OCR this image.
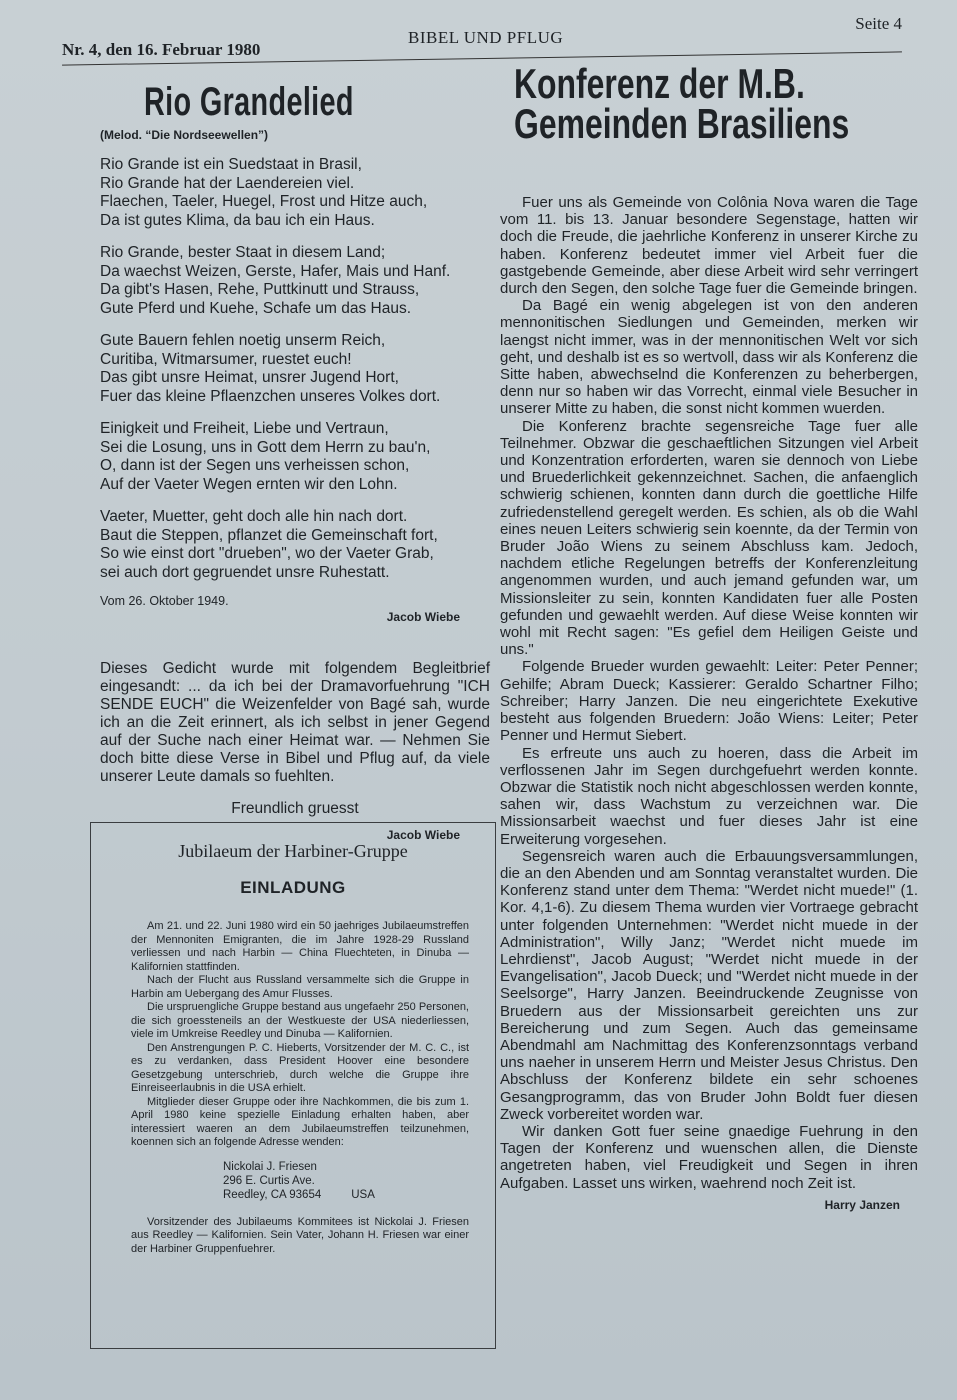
Nr. 4, den 16. Februar 1980
BIBEL UND PFLUG
Seite 4
Rio Grandelied
(Melod. “Die Nordseewellen”)
Rio Grande ist ein Suedstaat in Brasil,
Rio Grande hat der Laendereien viel.
Flaechen, Taeler, Huegel, Frost und Hitze auch,
Da ist gutes Klima, da bau ich ein Haus.
Rio Grande, bester Staat in diesem Land;
Da waechst Weizen, Gerste, Hafer, Mais und Hanf.
Da gibt's Hasen, Rehe, Puttkinutt und Strauss,
Gute Pferd und Kuehe, Schafe um das Haus.
Gute Bauern fehlen noetig unserm Reich,
Curitiba, Witmarsumer, ruestet euch!
Das gibt unsre Heimat, unsrer Jugend Hort,
Fuer das kleine Pflaenzchen unseres Volkes dort.
Einigkeit und Freiheit, Liebe und Vertraun,
Sei die Losung, uns in Gott dem Herrn zu bau'n,
O, dann ist der Segen uns verheissen schon,
Auf der Vaeter Wegen ernten wir den Lohn.
Vaeter, Muetter, geht doch alle hin nach dort.
Baut die Steppen, pflanzet die Gemeinschaft fort,
So wie einst dort "drueben", wo der Vaeter Grab,
sei auch dort gegruendet unsre Ruhestatt.
Vom 26. Oktober 1949.
Jacob Wiebe
Dieses Gedicht wurde mit folgendem Begleitbrief eingesandt: ... da ich bei der Dramavorfuehrung "ICH SENDE EUCH" die Weizenfelder von Bagé sah, wurde ich an die Zeit erinnert, als ich selbst in jener Gegend auf der Suche nach einer Heimat war. — Nehmen Sie doch bitte diese Verse in Bibel und Pflug auf, da viele unserer Leute damals so fuehlten.
Freundlich gruesst
Jacob Wiebe
Jubilaeum der Harbiner-Gruppe
EINLADUNG

Am 21. und 22. Juni 1980 wird ein 50 jaehriges Jubilaeumstreffen der Mennoniten Emigranten, die im Jahre 1928-29 Russland verliessen und nach Harbin — China Fluechteten, in Dinuba — Kalifornien stattfinden.

Nach der Flucht aus Russland versammelte sich die Gruppe in Harbin am Uebergang des Amur Flusses.

Die urspruengliche Gruppe bestand aus ungefaehr 250 Personen, die sich groessteneils an der Westkueste der USA niederliessen, viele im Umkreise Reedley und Dinuba — Kalifornien.

Den Anstrengungen P. C. Hieberts, Vorsitzender der M. C. C., ist es zu verdanken, dass President Hoover eine besondere Gesetzgebung unterschrieb, durch welche die Gruppe ihre Einreiseerlaubnis in die USA erhielt.

Mitglieder dieser Gruppe oder ihre Nachkommen, die bis zum 1. April 1980 keine spezielle Einladung erhalten haben, aber interessiert waeren an dem Jubilaeumstreffen teilzunehmen, koennen sich an folgende Adresse wenden:

Nickolai J. Friesen
296 E. Curtis Ave.
Reedley, CA 93654	USA
Vorsitzender des Jubilaeums Kommitees ist Nickolai J. Friesen aus Reedley — Kalifornien. Sein Vater, Johann H. Friesen war einer der Harbiner Gruppenfuehrer.
Konferenz der M.B. Gemeinden Brasiliens

Fuer uns als Gemeinde von Colônia Nova waren die Tage vom 11. bis 13. Januar besondere Segenstage, hatten wir doch die Freude, die jaehrliche Konferenz in unserer Kirche zu haben. Konferenz bedeutet immer viel Arbeit fuer die gastgebende Gemeinde, aber diese Arbeit wird sehr verringert durch den Segen, den solche Tage fuer die Gemeinde bringen.

Da Bagé ein wenig abgelegen ist von den anderen mennonitischen Siedlungen und Gemeinden, merken wir laengst nicht immer, was in der mennonitischen Welt vor sich geht, und deshalb ist es so wertvoll, dass wir als Konferenz die Sitte haben, abwechselnd die Konferenzen zu beherbergen, denn nur so haben wir das Vorrecht, einmal viele Besucher in unserer Mitte zu haben, die sonst nicht kommen wuerden.

Die Konferenz brachte segensreiche Tage fuer alle Teilnehmer. Obzwar die geschaeftlichen Sitzungen viel Arbeit und Konzentration erforderten, waren sie dennoch von Liebe und Bruederlichkeit gekennzeichnet. Sachen, die anfaenglich schwierig schienen, konnten dann durch die goettliche Hilfe zufriedenstellend geregelt werden. Es schien, als ob die Wahl eines neuen Leiters schwierig sein koennte, da der Termin von Bruder João Wiens zu seinem Abschluss kam. Jedoch, nachdem etliche Regelungen betreffs der Konferenzleitung angenommen wurden, und auch jemand gefunden war, um Missionsleiter zu sein, konnten Kandidaten fuer alle Posten gefunden und gewaehlt werden. Auf diese Weise konnten wir wohl mit Recht sagen: "Es gefiel dem Heiligen Geiste und uns."

Folgende Brueder wurden gewaehlt: Leiter: Peter Penner; Gehilfe; Abram Dueck; Kassierer: Geraldo Schartner Filho; Schreiber; Harry Janzen. Die neu eingerichtete Exekutive besteht aus folgenden Bruedern: João Wiens: Leiter; Peter Penner und Hermut Siebert.

Es erfreute uns auch zu hoeren, dass die Arbeit im verflossenen Jahr im Segen durchgefuehrt werden konnte. Obzwar die Statistik noch nicht abgeschlossen werden konnte, sahen wir, dass Wachstum zu verzeichnen war. Die Missionsarbeit waechst und fuer dieses Jahr ist eine Erweiterung vorgesehen.

Segensreich waren auch die Erbauungsversammlungen, die an den Abenden und am Sonntag veranstaltet wurden. Die Konferenz stand unter dem Thema: "Werdet nicht muede!" (1. Kor. 4,1-6). Zu diesem Thema wurden vier Vortraege gebracht unter folgenden Unternehmen: "Werdet nicht muede in der Administration", Willy Janz; "Werdet nicht muede im Lehrdienst", Jacob August; "Werdet nicht muede in der Evangelisation", Jacob Dueck; und "Werdet nicht muede in der Seelsorge", Harry Janzen. Beeindruckende Zeugnisse von Bruedern aus der Missionsarbeit gereichten uns zur Bereicherung und zum Segen. Auch das gemeinsame Abendmahl am Nachmittag des Konferenzsonntags verband uns naeher in unserem Herrn und Meister Jesus Christus. Den Abschluss der Konferenz bildete ein sehr schoenes Gesangprogramm, das von Bruder John Boldt fuer diesen Zweck vorbereitet worden war.

Wir danken Gott fuer seine gnaedige Fuehrung in den Tagen der Konferenz und wuenschen allen, die Dienste angetreten haben, viel Freudigkeit und Segen in ihren Aufgaben. Lasset uns wirken, waehrend noch Zeit ist.

Harry Janzen
